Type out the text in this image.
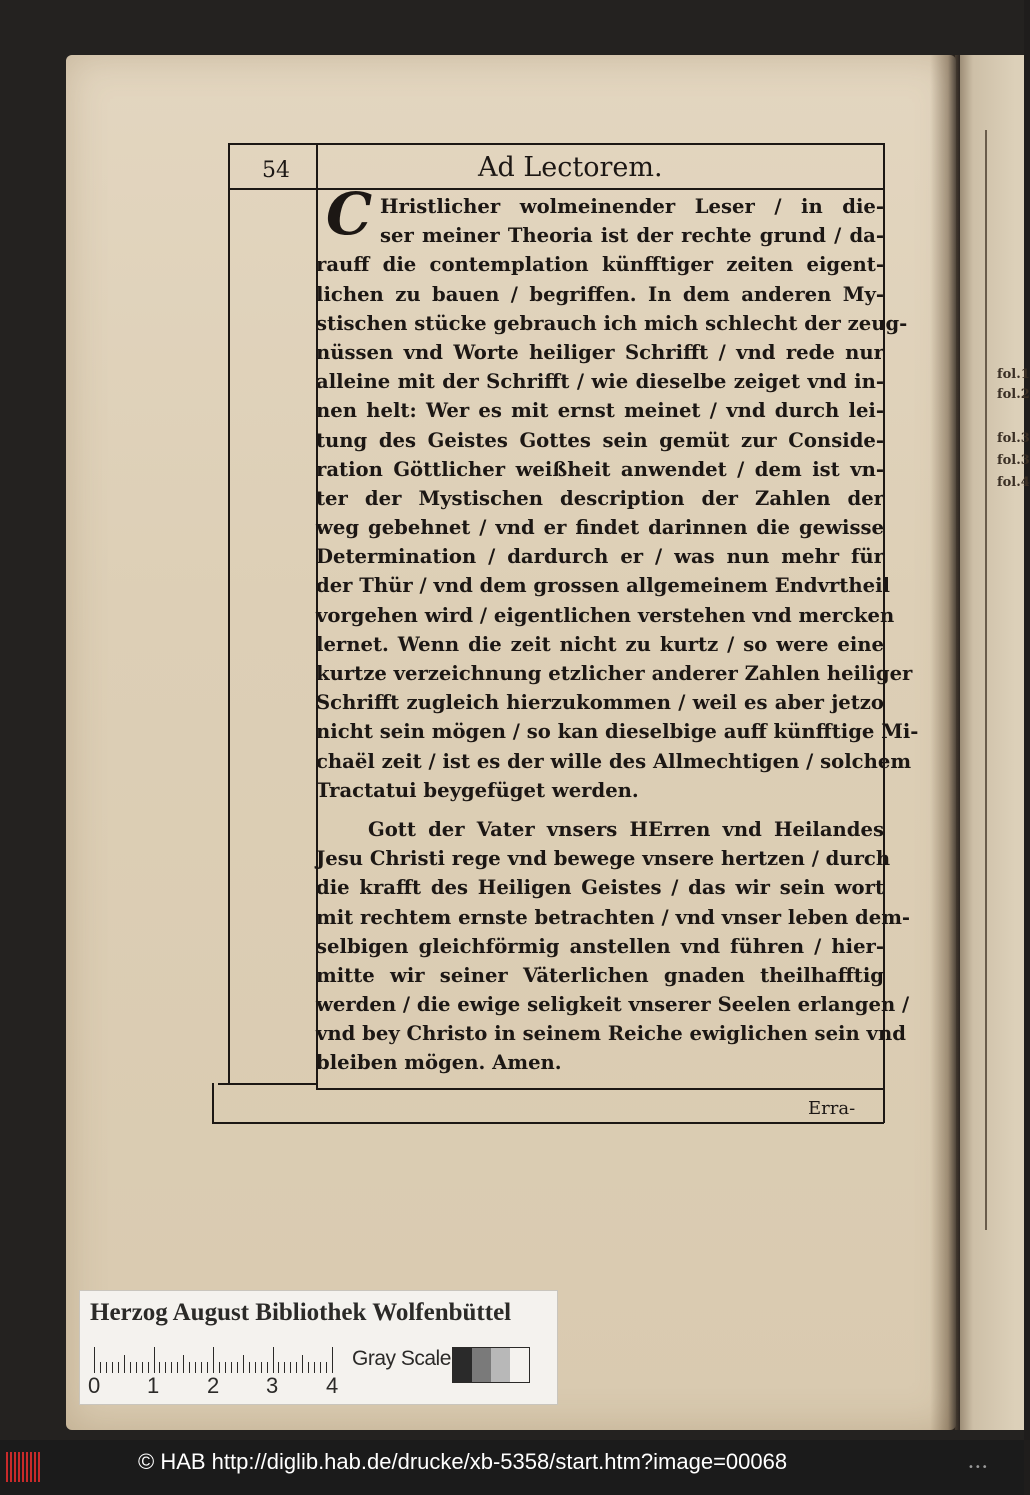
fol.1
fol.2
fol.3
fol.3
fol.4
54	Ad Lectorem.
C Hristlicher wolmeinender Leser / in die-
ser meiner Theoria ist der rechte grund / da-
rauff die contemplation künfftiger zeiten eigent-
lichen zu bauen / begriffen. In dem anderen My-
stischen stücke gebrauch ich mich schlecht der zeug-
nüssen vnd Worte heiliger Schrifft / vnd rede nur
alleine mit der Schrifft / wie dieselbe zeiget vnd in-
nen helt: Wer es mit ernst meinet / vnd durch lei-
tung des Geistes Gottes sein gemüt zur Conside-
ration Göttlicher weißheit anwendet / dem ist vn-
ter der Mystischen description der Zahlen der
weg gebehnet / vnd er findet darinnen die gewisse
Determination / dardurch er / was nun mehr für
der Thür / vnd dem grossen allgemeinem Endvrtheil
vorgehen wird / eigentlichen verstehen vnd mercken
lernet. Wenn die zeit nicht zu kurtz / so were eine
kurtze verzeichnung etzlicher anderer Zahlen heiliger
Schrifft zugleich hierzukommen / weil es aber jetzo
nicht sein mögen / so kan dieselbige auff künfftige Mi-
chaël zeit / ist es der wille des Allmechtigen / solchem
Tractatui beygefüget werden.
Gott der Vater vnsers HErren vnd Heilandes
Jesu Christi rege vnd bewege vnsere hertzen / durch
die krafft des Heiligen Geistes / das wir sein wort
mit rechtem ernste betrachten / vnd vnser leben dem-
selbigen gleichförmig anstellen vnd führen / hier-
mitte wir seiner Väterlichen gnaden theilhafftig
werden / die ewige seligkeit vnserer Seelen erlangen /
vnd bey Christo in seinem Reiche ewiglichen sein vnd
bleiben mögen. Amen.
Erra-
Herzog August Bibliothek Wolfenbüttel
0 1 2 3 4
Gray Scale
© HAB http://diglib.hab.de/drucke/xb-5358/start.htm?image=00068	•••
